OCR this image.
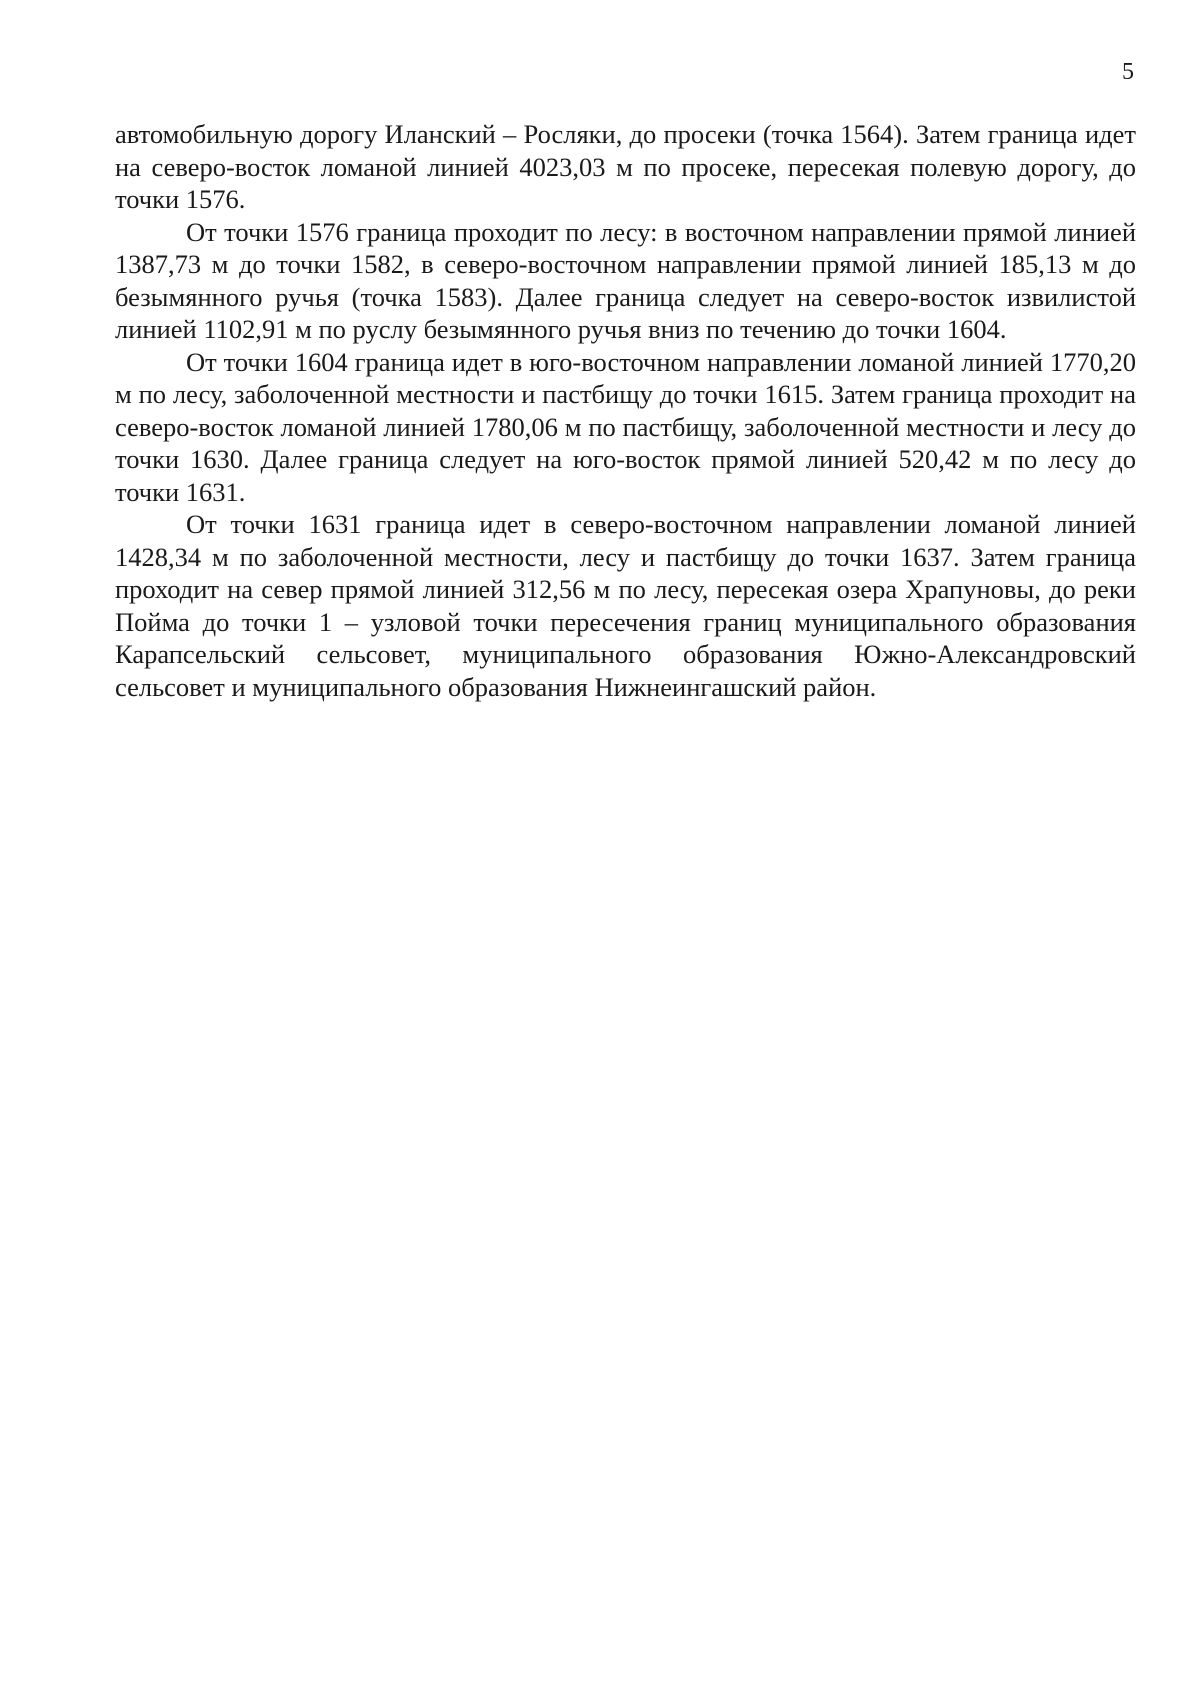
5

автомобильную дорогу Иланский – Росляки, до просеки (точка 1564). Затем граница идет на северо-восток ломаной линией 4023,03 м по просеке, пересекая полевую дорогу, до точки 1576.

От точки 1576 граница проходит по лесу: в восточном направлении прямой линией 1387,73 м до точки 1582, в северо-восточном направлении прямой линией 185,13 м до безымянного ручья (точка 1583). Далее граница следует на северо-восток извилистой линией 1102,91 м по руслу безымянного ручья вниз по течению до точки 1604.

От точки 1604 граница идет в юго-восточном направлении ломаной линией 1770,20 м по лесу, заболоченной местности и пастбищу до точки 1615. Затем граница проходит на северо-восток ломаной линией 1780,06 м по пастбищу, заболоченной местности и лесу до точки 1630. Далее граница следует на юго-восток прямой линией 520,42 м по лесу до точки 1631.

От точки 1631 граница идет в северо-восточном направлении ломаной линией 1428,34 м по заболоченной местности, лесу и пастбищу до точки 1637. Затем граница проходит на север прямой линией 312,56 м по лесу, пересекая озера Храпуновы, до реки Пойма до точки 1 – узловой точки пересечения границ муниципального образования Карапсельский сельсовет, муниципального образования Южно-Александровский сельсовет и муниципального образования Нижнеингашский район.
